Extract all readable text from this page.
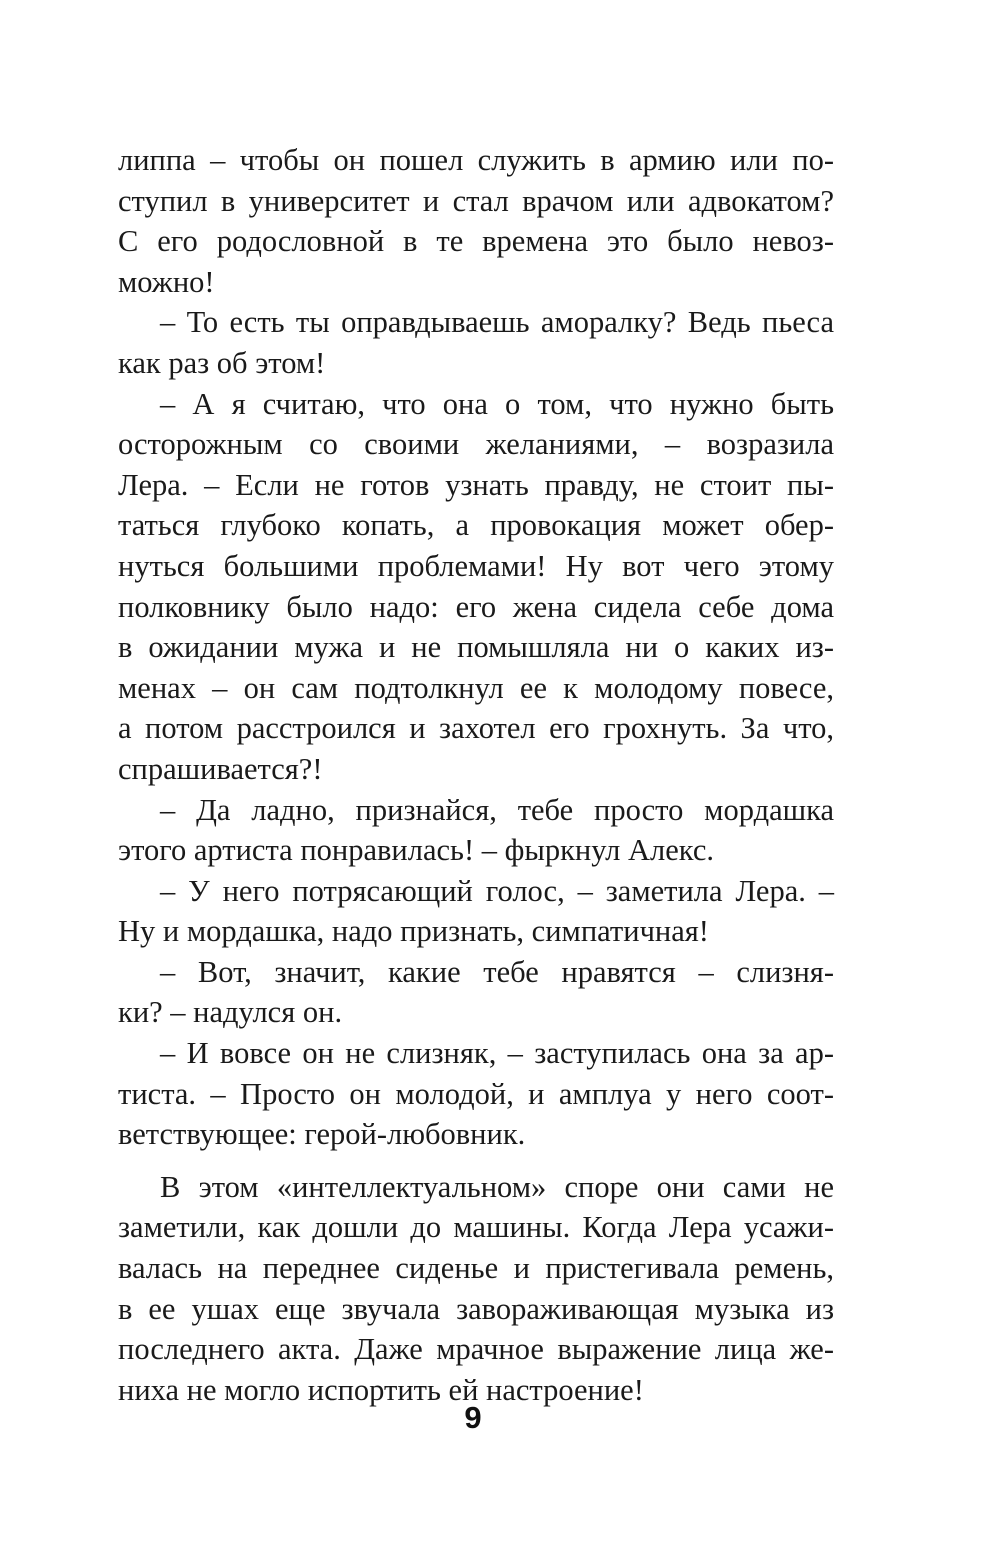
липпа – чтобы он пошел служить в армию или по-

ступил в университет и стал врачом или адвокатом?

С его родословной в те времена это было невоз-

можно!

– То есть ты оправдываешь аморалку? Ведь пьеса

как раз об этом!

– А я считаю, что она о том, что нужно быть

осторожным со своими желаниями, – возразила

Лера. – Если не готов узнать правду, не стоит пы-

таться глубоко копать, а провокация может обер-

нуться большими проблемами! Ну вот чего этому

полковнику было надо: его жена сидела себе дома

в ожидании мужа и не помышляла ни о каких из-

менах – он сам подтолкнул ее к молодому повесе,

а потом расстроился и захотел его грохнуть. За что,

спрашивается?!

– Да ладно, признайся, тебе просто мордашка

этого артиста понравилась! – фыркнул Алекс.

– У него потрясающий голос, – заметила Лера. –

Ну и мордашка, надо признать, симпатичная!

– Вот, значит, какие тебе нравятся – слизня-

ки? – надулся он.

– И вовсе он не слизняк, – заступилась она за ар-

тиста. – Просто он молодой, и амплуа у него соот-

ветствующее: герой-любовник.

В этом «интеллектуальном» споре они сами не

заметили, как дошли до машины. Когда Лера усажи-

валась на переднее сиденье и пристегивала ремень,

в ее ушах еще звучала завораживающая музыка из

последнего акта. Даже мрачное выражение лица же-

ниха не могло испортить ей настроение!

9
